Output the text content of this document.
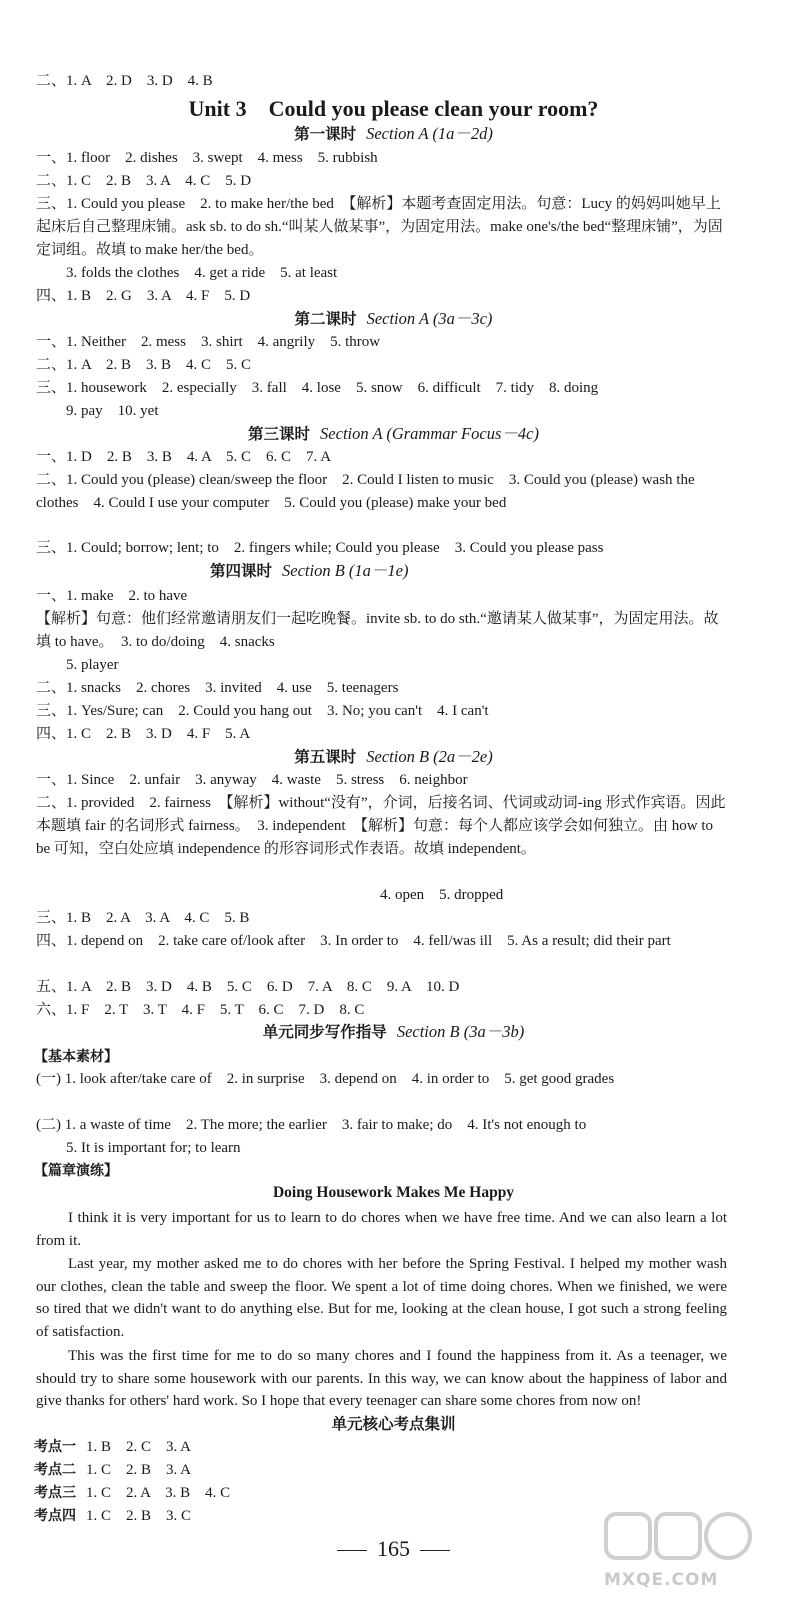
二、1. A　2. D　3. D　4. B
Unit 3　Could you please clean your room?
第一课时 Section A (1a－2d)
一、1. floor　2. dishes　3. swept　4. mess　5. rubbish
二、1. C　2. B　3. A　4. C　5. D
三、1. Could you please　2. to make her/the bed　【解析】本题考查固定用法。句意：Lucy 的妈妈叫她早上起床后自己整理床铺。ask sb. to do sh.“叫某人做某事”，为固定用法。make one's/the bed“整理床铺”，为固定词组。故填 to make her/the bed。
3. folds the clothes　4. get a ride　5. at least
四、1. B　2. G　3. A　4. F　5. D
第二课时 Section A (3a－3c)
一、1. Neither　2. mess　3. shirt　4. angrily　5. throw
二、1. A　2. B　3. B　4. C　5. C
三、1. housework　2. especially　3. fall　4. lose　5. snow　6. difficult　7. tidy　8. doing
9. pay　10. yet
第三课时 Section A (Grammar Focus－4c)
一、1. D　2. B　3. B　4. A　5. C　6. C　7. A
二、1. Could you (please) clean/sweep the floor　2. Could I listen to music　3. Could you (please) wash the clothes　4. Could I use your computer　5. Could you (please) make your bed
三、1. Could; borrow; lent; to　2. fingers while; Could you please　3. Could you please pass
一、1. make　2. to have
第四课时 Section B (1a－1e)
【解析】句意：他们经常邀请朋友们一起吃晚餐。invite sb. to do sth.“邀请某人做某事”，为固定用法。故填 to have。　3. to do/doing　4. snacks
5. player
二、1. snacks　2. chores　3. invited　4. use　5. teenagers
三、1. Yes/Sure; can　2. Could you hang out　3. No; you can't　4. I can't
四、1. C　2. B　3. D　4. F　5. A
第五课时 Section B (2a－2e)
一、1. Since　2. unfair　3. anyway　4. waste　5. stress　6. neighbor
二、1. provided　2. fairness　【解析】without“没有”，介词，后接名词、代词或动词-ing 形式作宾语。因此本题填 fair 的名词形式 fairness。　3. independent　【解析】句意：每个人都应该学会如何独立。由 how to be 可知，空白处应填 independence 的形容词形式作表语。故填 independent。
4. open　5. dropped
三、1. B　2. A　3. A　4. C　5. B
四、1. depend on　2. take care of/look after　3. In order to　4. fell/was ill　5. As a result; did their part
五、1. A　2. B　3. D　4. B　5. C　6. D　7. A　8. C　9. A　10. D
六、1. F　2. T　3. T　4. F　5. T　6. C　7. D　8. C
单元同步写作指导 Section B (3a－3b)
【基本素材】
(一) 1. look after/take care of　2. in surprise　3. depend on　4. in order to　5. get good grades
(二) 1. a waste of time　2. The more; the earlier　3. fair to make; do　4. It's not enough to
5. It is important for; to learn
【篇章演练】
Doing Housework Makes Me Happy
I think it is very important for us to learn to do chores when we have free time. And we can also learn a lot from it.
Last year, my mother asked me to do chores with her before the Spring Festival. I helped my mother wash our clothes, clean the table and sweep the floor. We spent a lot of time doing chores. When we finished, we were so tired that we didn't want to do anything else. But for me, looking at the clean house, I got such a strong feeling of satisfaction.
This was the first time for me to do so many chores and I found the happiness from it. As a teenager, we should try to share some housework with our parents. In this way, we can know about the happiness of labor and give thanks for others' hard work. So I hope that every teenager can share some chores from now on!
单元核心考点集训
考点一 1. B　2. C　3. A
考点二 1. C　2. B　3. A
考点三 1. C　2. A　3. B　4. C
考点四 1. C　2. B　3. C
165
MXQE.COM
